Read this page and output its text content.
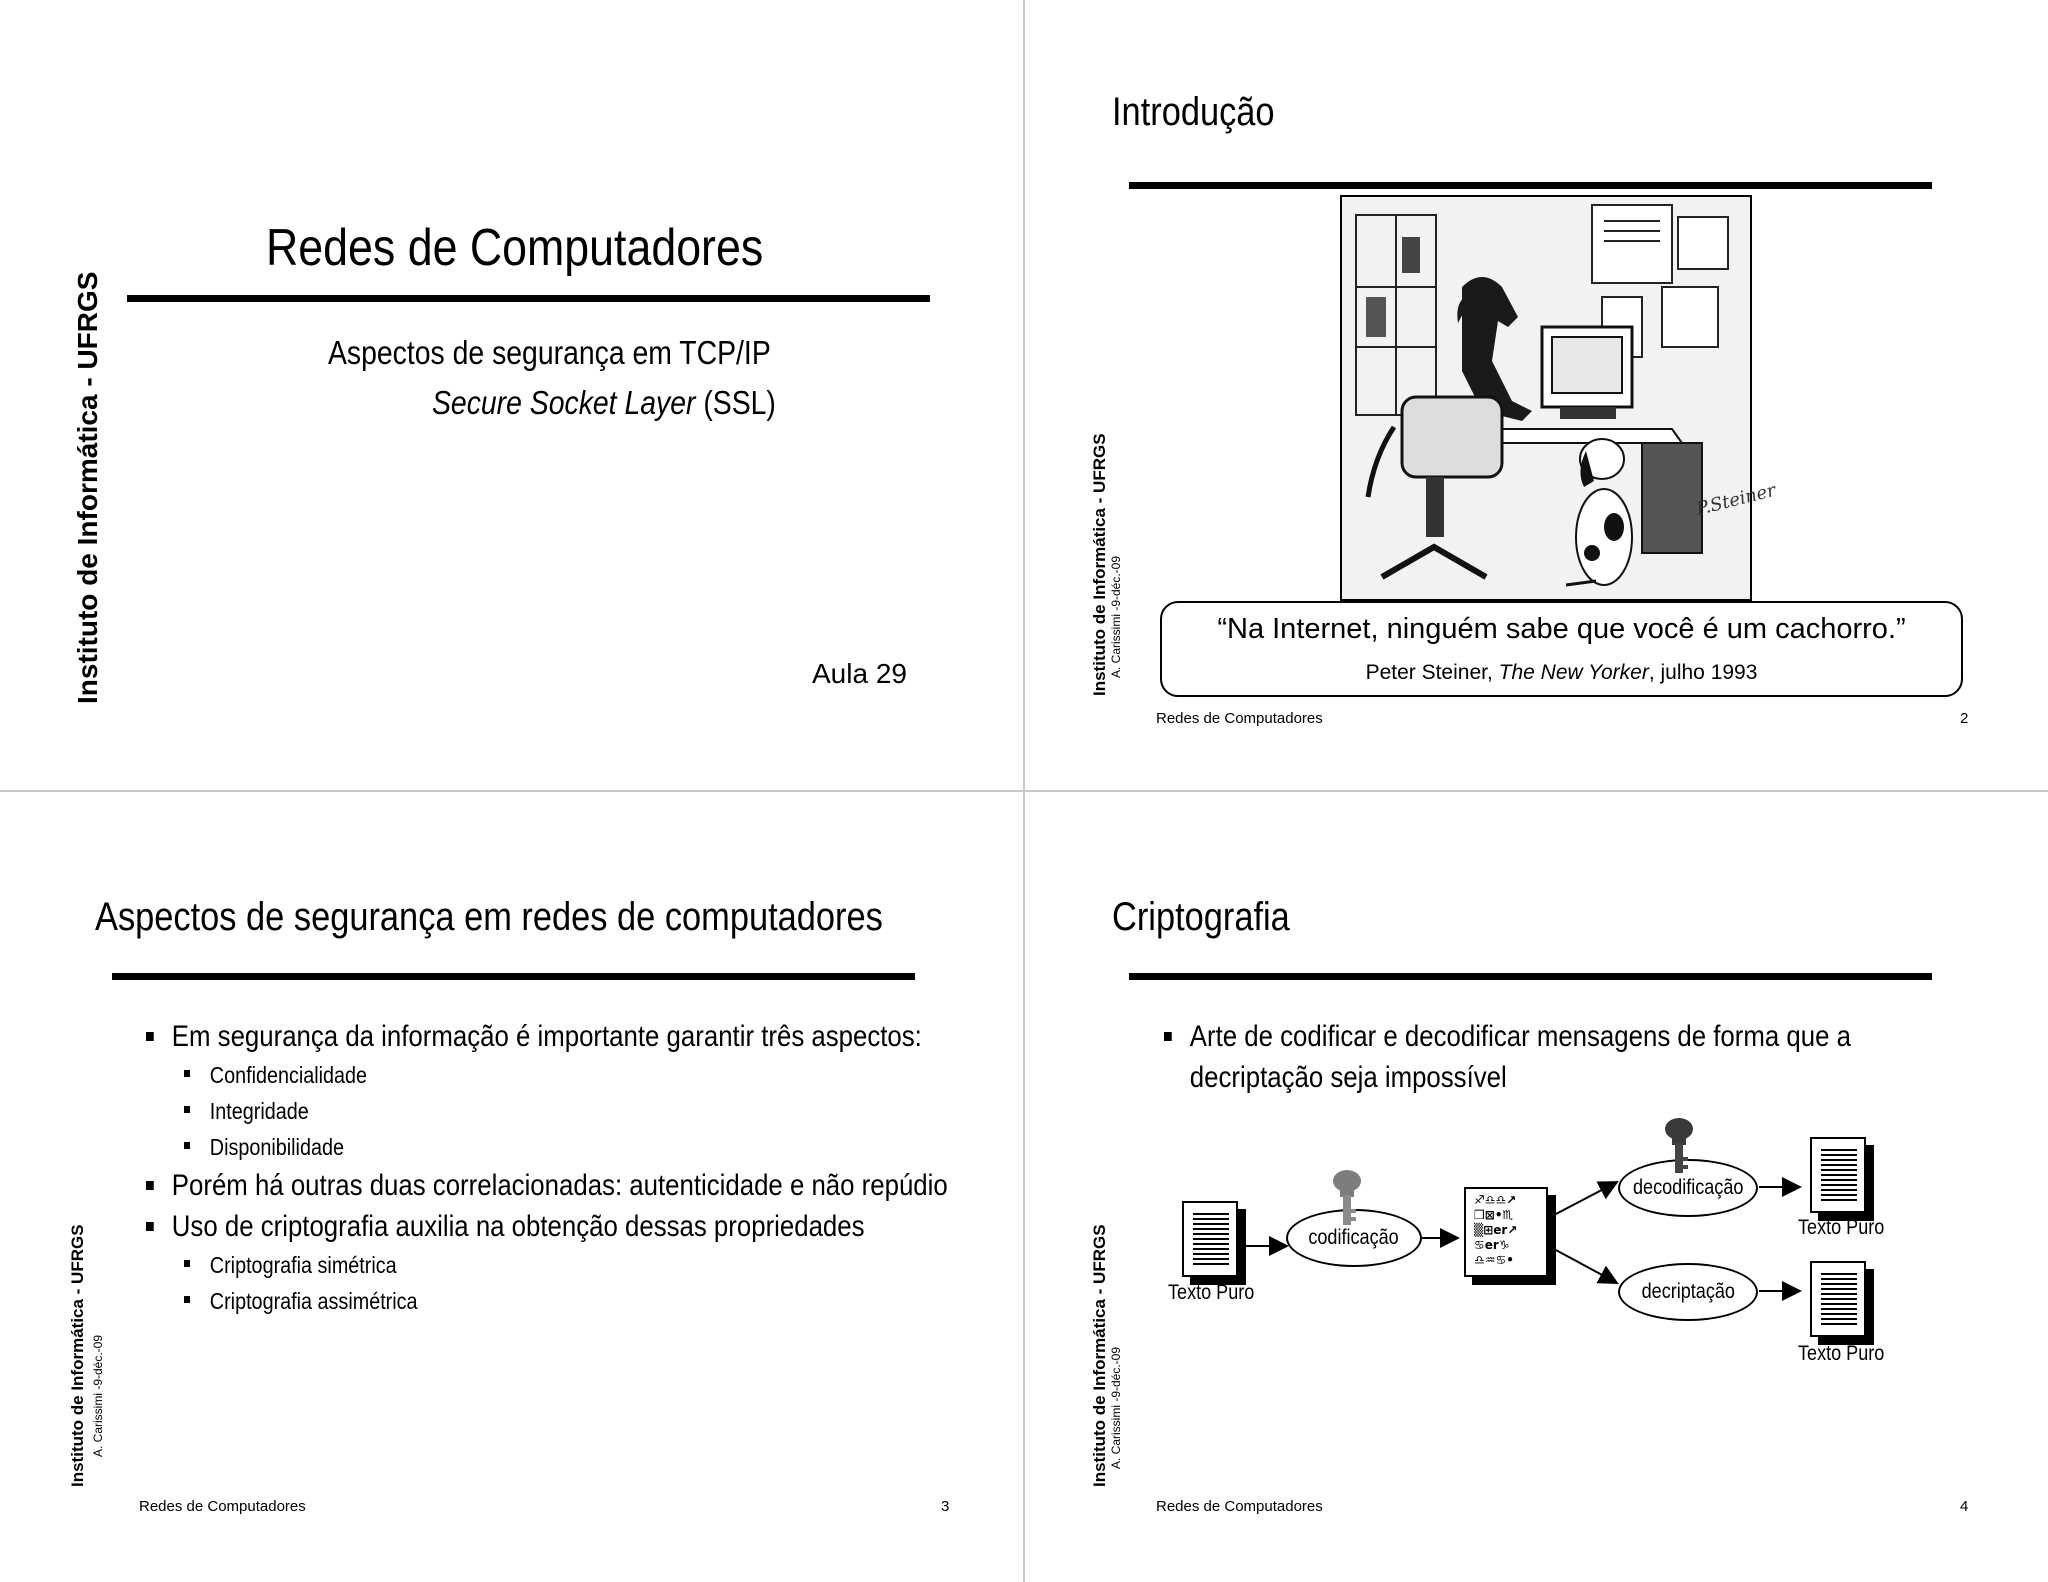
Instituto de Informática - UFRGS
Redes de Computadores
Aspectos de segurança em TCP/IP
Secure Socket Layer (SSL)
Aula 29
Introdução
Instituto de Informática - UFRGS A. Carissimi -9-déc.-09
P.Steiner
“Na Internet, ninguém sabe que você é um cachorro.”
Peter Steiner, The New Yorker, julho 1993
Redes de Computadores	2
Aspectos de segurança em redes de computadores
Instituto de Informática - UFRGS A. Carissimi -9-déc.-09
Em segurança da informação é importante garantir três aspectos:
Confidencialidade
Integridade
Disponibilidade
Porém há outras duas correlacionadas: autenticidade e não repúdio
Uso de criptografia auxilia na obtenção dessas propriedades
Criptografia simétrica
Criptografia assimétrica
Redes de Computadores	3
Criptografia
Instituto de Informática - UFRGS A. Carissimi -9-déc.-09
Arte de codificar e decodificar mensagens de forma que a
decriptação seja impossível
Texto Puro
♐♎♎↗
❒⊠•♏
▒⊞er↗
♋er♑
♎♒♋•
Texto Puro
Texto Puro
codificação
decodificação
decriptação
Redes de Computadores	4
